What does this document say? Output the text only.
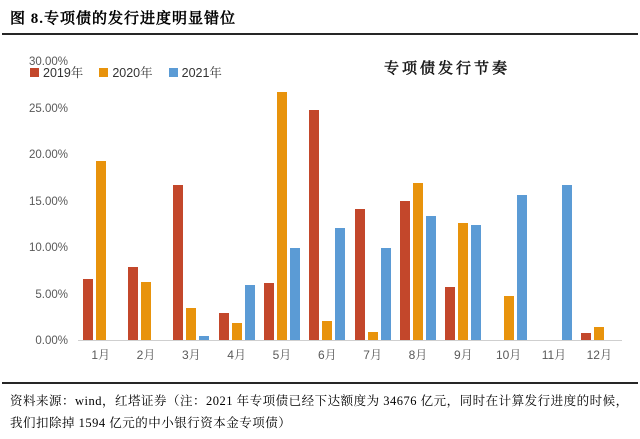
图 8.专项债的发行进度明显错位
2019年 2020年 2021年	专项债发行节奏
0.00%
5.00%
10.00%
15.00%
20.00%
25.00%
30.00%
1月	2月	3月	4月	5月	6月	7月	8月	9月	10月	11月	12月
资料来源：wind，红塔证券（注：2021 年专项债已经下达额度为 34676 亿元，同时在计算发行进度的时候，我们扣除掉 1594 亿元的中小银行资本金专项债）
